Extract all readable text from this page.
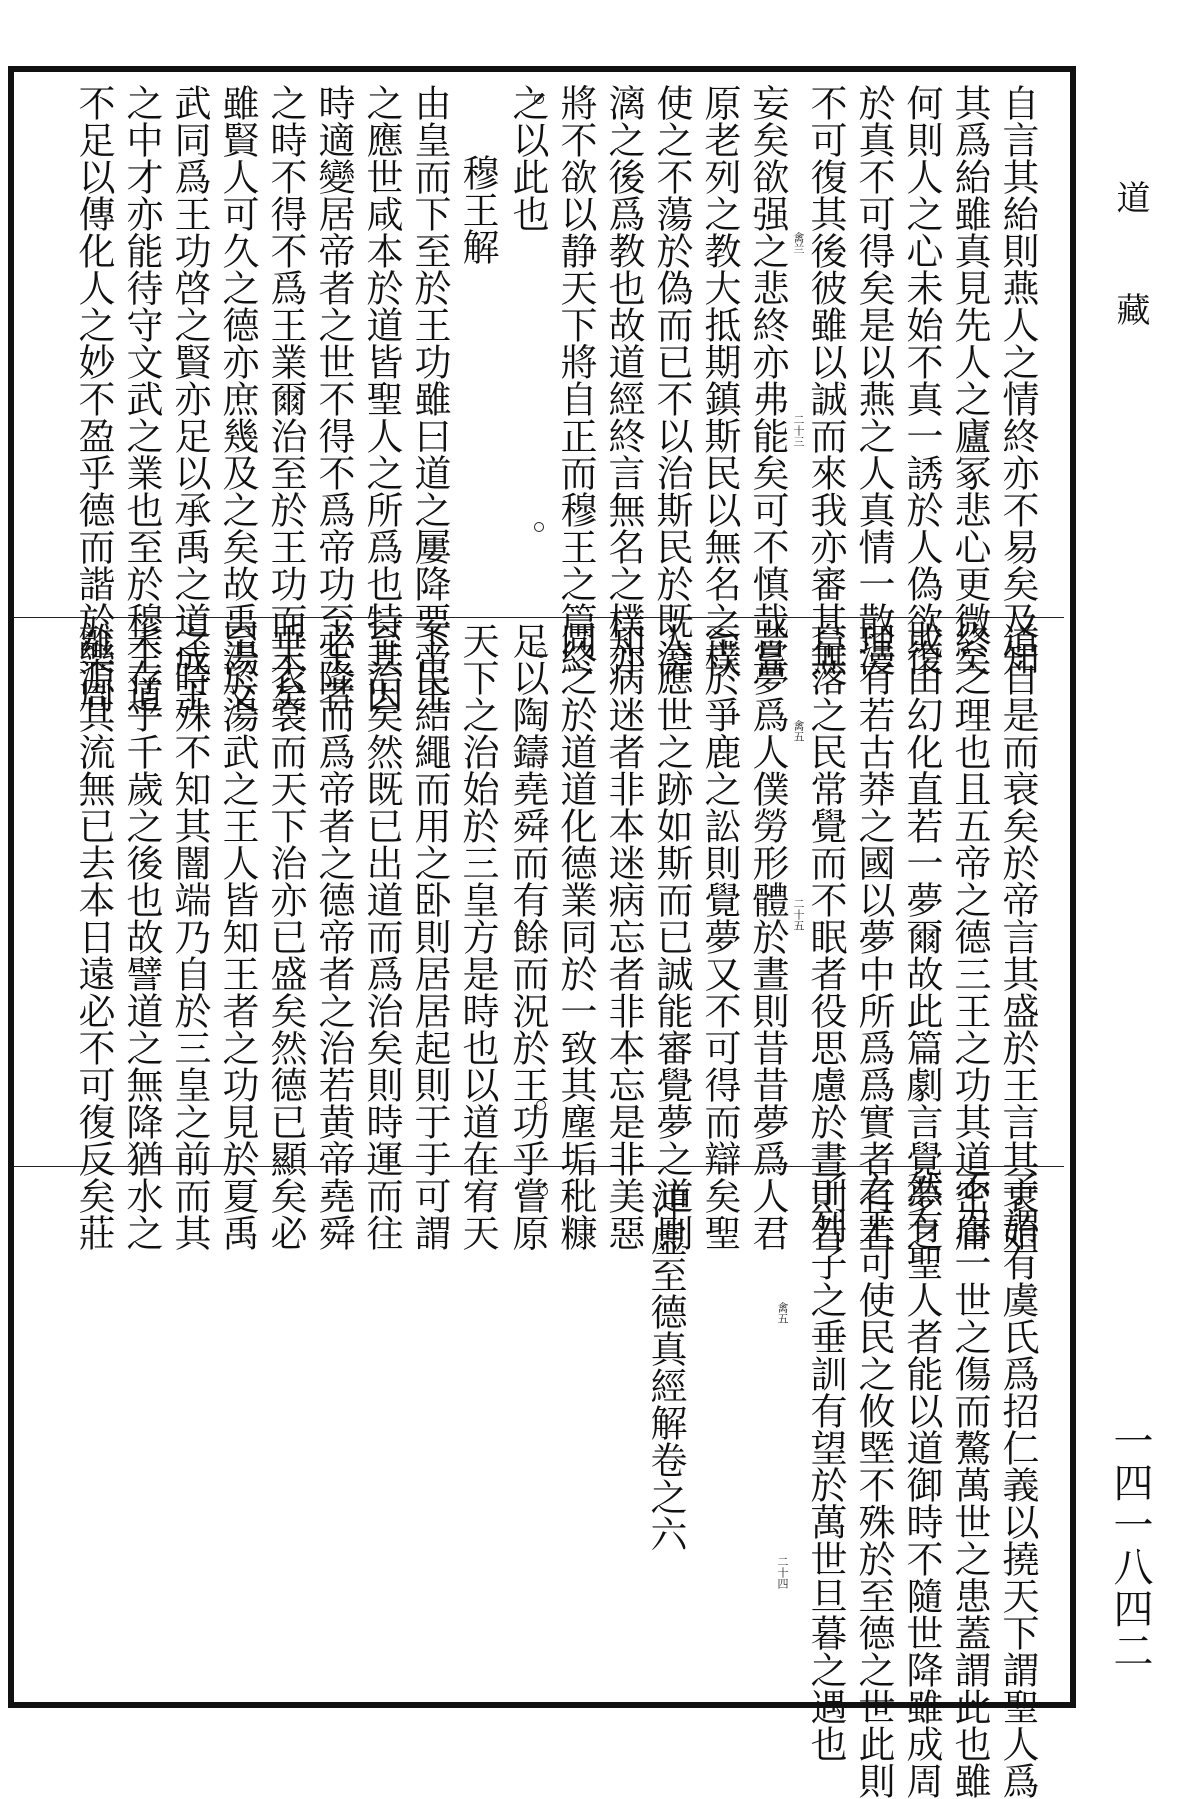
道
藏
一四一八四二
自言其紿則燕人之情終亦不易矣及知
其爲紿雖真見先人之廬冢悲心更微矣
何則人之心未始不真一誘於人偽欲復
於真不可得矣是以燕之人真情一散漫
不可復其後彼雖以誠而來我亦審其無
妄矣欲强之悲終亦弗能矣可不慎哉嘗
原老列之教大抵期鎮斯民以無名之樸
使之不蕩於偽而已不以治斯民於既澆
漓之後爲教也故道經終言無名之樸亦
將不欲以静天下將自正而穆王之篇終
之以此也
穆王解
由皇而下至於王功雖曰道之屢降要帝王
之應世咸本於道皆聖人之所爲也特其因
時適變居帝者之世不得不爲帝功至王者
之時不得不爲王業爾治至於王功而末矣
雖賢人可久之德亦庶幾及之矣故禹湯文
武同爲王功啓之賢亦足以承禹之道成王
之中才亦能待守文武之業也至於穆王道
不足以傳化人之妙不盈乎德而諧於樂周	禽兰
二十三
道自是而衰矣於帝言其盛於王言其衰始
終之理也且五帝之德三王之功其道密庸
或由幻化直若一夢爾故此篇劇言覺夢之
理有若古莽之國以夢中所爲爲實者有若
阜落之民常覺而不眠者役思慮於晝則昔
昔夢爲人僕勞形體於晝則昔昔夢爲人君
至於爭鹿之訟則覺夢又不可得而辯矣聖
人應世之跡如斯而已誠能審覺夢之道則
知病迷者非本迷病忘者非本忘是非美惡
同之於道道化德業同於一致其塵垢秕糠
足以陶鑄堯舜而有餘而況於王功乎嘗原
天下之治始於三皇方是時也以道在宥天
下民結繩而用之卧則居居起則于于可謂
至治矣然既已出道而爲治矣則時運而往
必降而爲帝者之德帝者之治若黄帝堯舜
垂衣裳而天下治亦已盛矣然德已顯矣必
至於湯武之王人皆知王者之功見於夏禹
之時殊不知其闇端乃自於三皇之前而其
未存乎千歲之後也故譬道之無降猶水之
離源其流無已去本日遠必不可復反矣莊	禽五
二十五
子謂有虞氏爲招仁義以撓天下謂聖人爲
不忍一世之傷而驁萬世之患蓋謂此也雖
然有聖人者能以道御時不隨世降雖成周
之王可使民之攸塈不殊於至德之世此則
子列子之垂訓有望於萬世旦暮之遇也
沖虚至德真經解卷之六	禽五
二十四
